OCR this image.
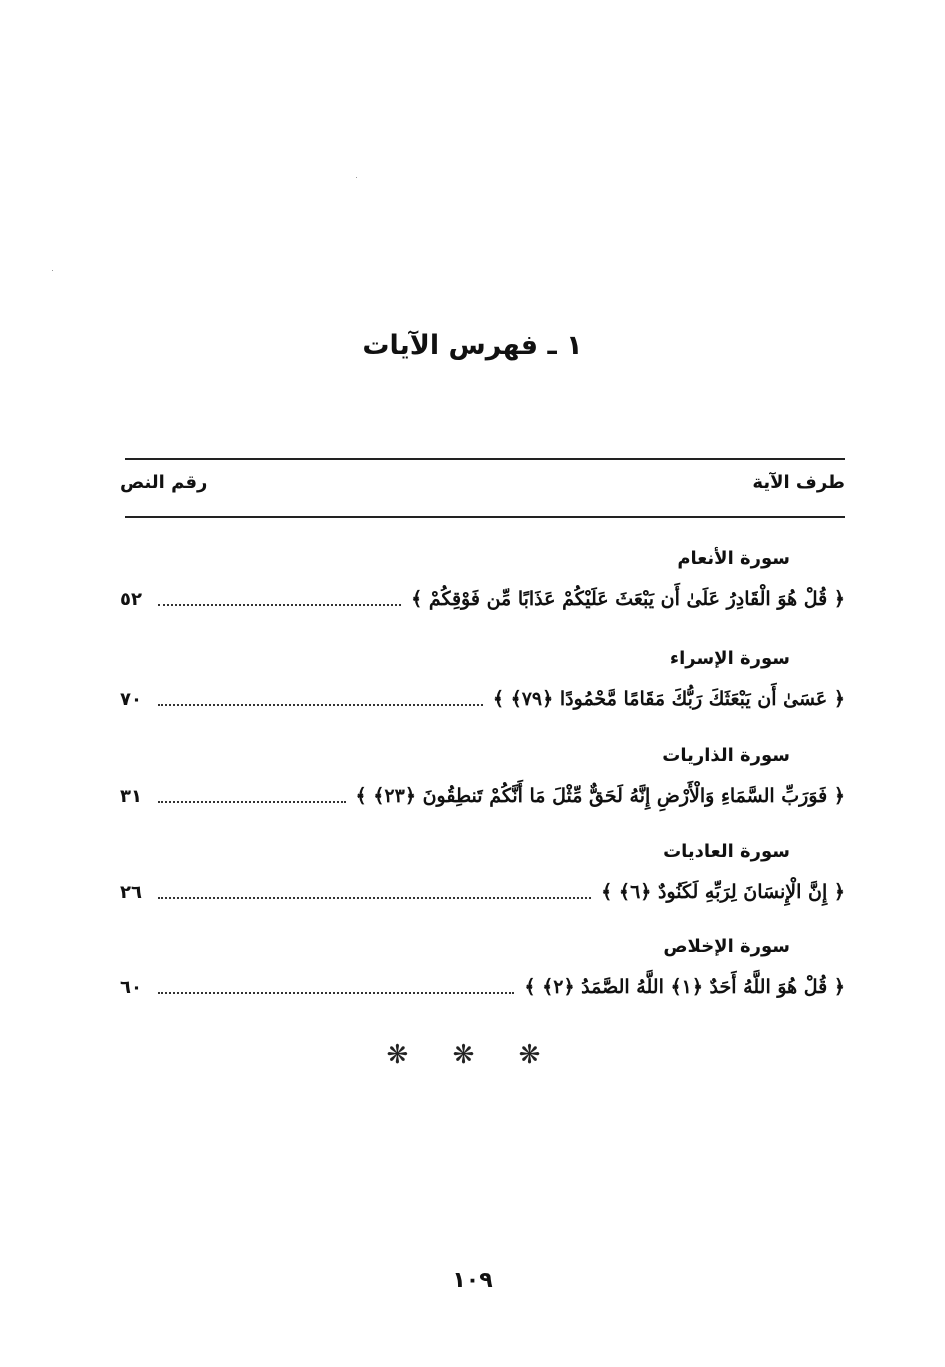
١ ـ فهرس الآيات
طرف الآية
رقم النص
سورة الأنعام
﴿ قُلْ هُوَ الْقَادِرُ عَلَىٰ أَن يَبْعَثَ عَلَيْكُمْ عَذَابًا مِّن فَوْقِكُمْ ﴾
٥٢
سورة الإسراء
﴿ عَسَىٰ أَن يَبْعَثَكَ رَبُّكَ مَقَامًا مَّحْمُودًا ﴿٧٩﴾ ﴾
٧٠
سورة الذاريات
﴿ فَوَرَبِّ السَّمَاءِ وَالْأَرْضِ إِنَّهُ لَحَقٌّ مِّثْلَ مَا أَنَّكُمْ تَنطِقُونَ ﴿٢٣﴾ ﴾
٣١
سورة العاديات
﴿ إِنَّ الْإِنسَانَ لِرَبِّهِ لَكَنُودٌ ﴿٦﴾ ﴾
٢٦
سورة الإخلاص
﴿ قُلْ هُوَ اللَّهُ أَحَدٌ ﴿١﴾ اللَّهُ الصَّمَدُ ﴿٢﴾ ﴾
٦٠
❋ ❋ ❋
١٠٩
